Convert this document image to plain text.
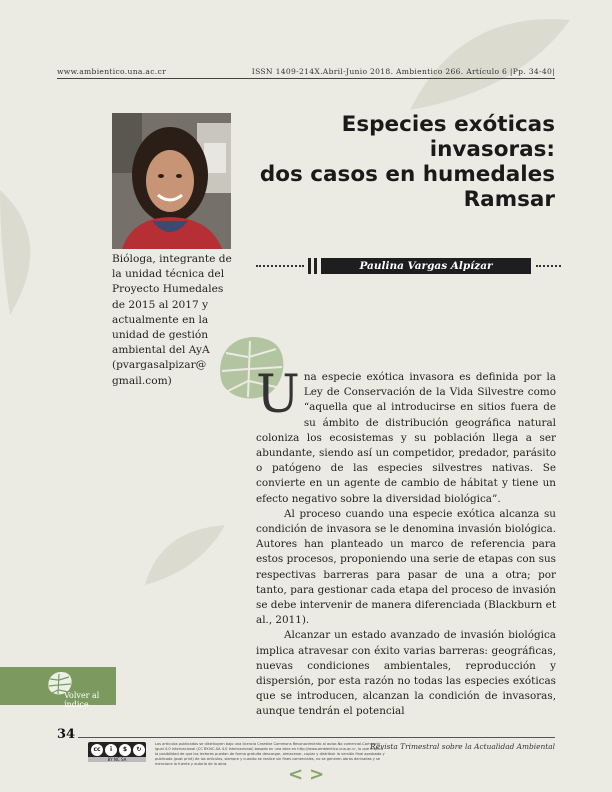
www.ambientico.una.ac.cr	ISSN 1409-214X.Abril-Junio 2018. Ambientico 266. Artículo 6 |Pp. 34-40|
Especies exóticas invasoras:
dos casos en humedales
Ramsar
Bióloga, integrante de
la unidad técnica del
Proyecto Humedales
de 2015 al 2017 y
actualmente en la
unidad de gestión
ambiental del AyA
(pvargasalpizar@
gmail.com)
Paulina Vargas Alpízar

Una especie exótica invasora es definida por la Ley de Conservación de la Vida Silvestre como “aquella que al introducirse en sitios fuera de su ámbito de distribución geográfica natural coloniza los ecosistemas y su población llega a ser abundante, siendo así un competidor, predador, parásito o patógeno de las especies silvestres nativas. Se convierte en un agente de cambio de hábitat y tiene un efecto negativo sobre la diversidad biológica”.

Al proceso cuando una especie exótica alcanza su condición de invasora se le denomina invasión biológica. Autores han planteado un marco de referencia para estos procesos, proponiendo una serie de etapas con sus respectivas barreras para pasar de una a otra; por tanto, para gestionar cada etapa del proceso de invasión se debe intervenir de manera diferenciada (Blackburn et al., 2011).

Alcanzar un estado avanzado de invasión biológica implica atravesar con éxito varias barreras: geográficas, nuevas condiciones ambientales, reproducción y dispersión, por esta razón no todas las especies exóticas que se introducen, alcanzan la condición de invasoras, aunque tendrán el potencial

Volver al índice
34
cc	i	$	↻
BY NC SA
Los artículos publicados se distribuyen bajo una licencia Creative Commons Reconocimiento al autor-No comercial-Compartir igual 4.0 Internacional (CC BY-NC-SA 4.0 Internacional) basada en una obra en http://www.ambientico.una.ac.cr, lo que implica la posibilidad de que los lectores puedan de forma gratuita descargar, almacenar, copiar y distribuir la versión final aprobada y publicada (post print) de los artículos, siempre y cuando se realice sin fines comerciales, no se generen obras derivadas y se mencione la fuente y autoría de la obra.
Revista Trimestral sobre la Actualidad Ambiental
<>
